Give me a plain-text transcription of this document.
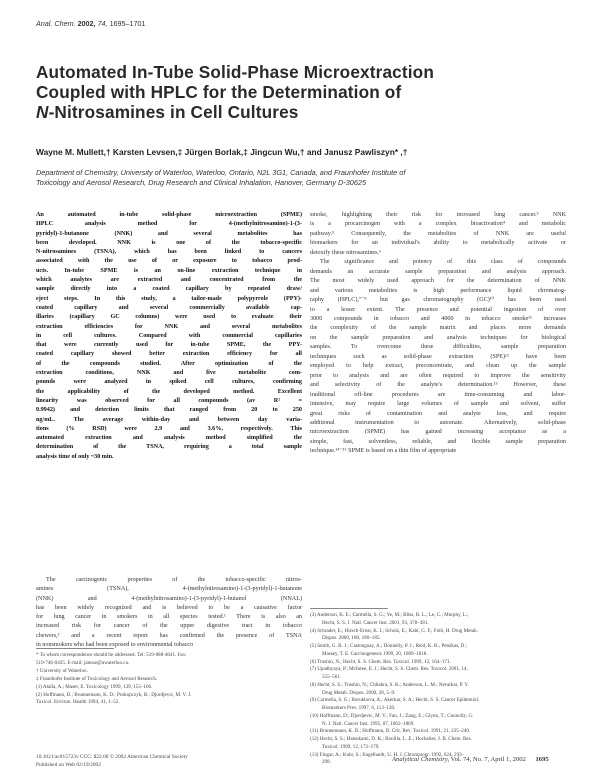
Anal. Chem. 2002, 74, 1695–1701
Automated In-Tube Solid-Phase Microextraction
Coupled with HPLC for the Determination of
N-Nitrosamines in Cell Cultures
Wayne M. Mullett,† Karsten Levsen,‡ Jürgen Borlak,‡ Jingcun Wu,† and Janusz Pawliszyn* ,†
Department of Chemistry, University of Waterloo, Waterloo, Ontario, N2L 3G1, Canada, and Fraunhofer Institute of
Toxicology and Aerosol Research, Drug Research and Clinical Inhalation, Hanover, Germany D-30625
An automated in-tube solid-phase microextraction (SPME)
HPLC analysis method for 4-(methylnitrosamino)-1-(3-
pyridyl)-1-butanone (NNK) and several metabolites has
been developed. NNK is one of the tobacco-specific
N-nitrosamines (TSNA), which has been linked to cancers
associated with the use of or exposure to tobacco prod-
ucts. In-tube SPME is an on-line extraction technique in
which analytes are extracted and concentrated from the
sample directly into a coated capillary by repeated draw/
eject steps. In this study, a tailor-made polypyrrole (PPY)-
coated capillary and several commercially available cap-
illaries (capillary GC columns) were used to evaluate their
extraction efficiencies for NNK and several metabolites
in cell cultures. Compared with commercial capillaries
that were currently used for in-tube SPME, the PPY-
coated capillary showed better extraction efficiency for all
of the compounds studied. After optimization of the
extraction conditions, NNK and five metabolite com-
pounds were analyzed in spiked cell cultures, confirming
the applicability of the developed method. Excellent
linearity was observed for all compounds (av R² =
0.9942) and detection limits that ranged from 20 to 250
ng/mL. The average within-day and between day varia-
tions (% RSD) were 2.9 and 3.6%, respectively. This
automated extraction and analysis method simplified the
determination of the TSNA, requiring a total sample
analysis time of only ~30 min.
The carcinogenic properties of the tobacco-specific nitros-
amines (TSNA), 4-(methylnitrosamino)-1-(3-pyridyl)-1-butanone
(NNK) and 4-(methylnitrosamino)-1-(3-pyridyl)-1-butanol (NNAL)
has been widely recognized and is believed to be a causative factor
for lung cancer in smokers in all species tested.¹ There is also an
increased risk for cancer of the upper digestive tract in tobacco
chewers,² and a recent report has confirmed the presence of TSNA
in nonsmokers who had been exposed to environmental tobacco
* To whom correspondence should be addressed. Tel: 519-888-4641. Fax:
519-746-0435. E-mail: janusz@uwaterloo.ca.
† University of Waterloo.
‡ Fraunhofer Institute of Toxicology and Aerosol Research.
(1) Atalla, A.; Maser, E. Toxicology 1999, 139, 155–166.
(2) Hoffmann, D.; Brunnemann, K. D.; Prokopczyk, B.; Djordjevic, M. V. J.
Toxicol. Environ. Health 1994, 41, 1–52.
smoke, highlighting their risk for increased lung cancer.³ NNK
is a procarcinogen with a complex bioactivation⁴ and metabolic
pathway.⁵ Consequently, the metabolites of NNK are useful
biomarkers for an individual's ability to metabolically activate or
detoxify these nitrosamines.⁶
The significance and potency of this class of compounds
demands an accurate sample preparation and analysis approach.
The most widely used approach for the determination of NNK
and various metabolites is high performance liquid chromatog-
raphy (HPLC),⁷⁻⁹ but gas chromatography (GC)¹⁰ has been used
to a lesser extent. The presence and potential ingestion of over
3000 compounds in tobacco and 4000 in tobacco smoke¹¹ increases
the complexity of the sample matrix and places more demands
on the sample preparation and analysis techniques for biological
samples. To overcome these difficulties, sample preparation
techniques such as solid-phase extraction (SPE)¹² have been
employed to help extract, preconcentrate, and clean up the sample
prior to analysis and are often required to improve the sensitivity
and selectivity of the analyte's determination.¹³ However, these
traditional off-line procedures are time-consuming and labor-
intensive, may require large volumes of sample and solvent, suffer
great risks of contamination and analyte loss, and require
additional instrumentation to automate. Alternatively, solid-phase
microextraction (SPME) has gained increasing acceptance as a
simple, fast, solventless, reliable, and flexible sample preparation
technique.¹⁴⁻¹⁶ SPME is based on a thin film of appropriate
(3) Anderson, K. E.; Carmella, S. G.; Ye, M.; Bliss, R. L.; Le, C.; Murphy, L.;
Hecht, S. S. J. Natl. Cancer Inst. 2001, 93, 378–381.
(4) Schrader, E.; Hirsch-Ernst, K. I.; Scholz, E.; Kahl, G. F.; Foth, H. Drug Metab.
Dispos. 2000, 180, 180–185.
(5) Smith, G. B. J.; Castonguay, A.; Donnelly, P. J.; Reid, K. R.; Petsikas, D.;
Massey, T. E. Carcinogenesis 1999, 20, 1809–1818.
(6) Trushin, N.; Hecht, S. S. Chem. Res. Toxicol. 1999, 12, 164–171.
(7) Upadhyaya, P.; McIntee, E. J.; Hecht, S. S. Chem. Res. Toxicol. 2001, 14,
555–561.
(8) Hecht, S. S.; Trushin, N.; Chhabra, S. K.; Anderson, L. M.; Nerurkar, P. V.
Drug Metab. Dispos. 2000, 28, 5–9.
(9) Carmella, S. G.; Borukhova, A.; Akerkar, S. A.; Hecht, S. S. Cancer Epidemiol.
Biomarkers Prev. 1997, 6, 113–120.
(10) Hoffmann, D.; Djordjevic, M. V.; Fan, J.; Zang, E.; Glynn, T.; Connolly, G.
N. J. Natl. Cancer Inst. 1995, 87, 1862–1869.
(11) Brunnemann, K. D.; Hoffmann, D. Crit. Rev. Toxicol. 1991, 21, 235–240.
(12) Hecht, S. S.; Hatsukami, D. K.; Bonilla, L. E.; Hochalter, J. B. Chem. Res.
Toxicol. 1999, 12, 172–179.
(13) Fingar, A.; Kuhr, S.; Engelhardt, U. H. J. Chromatogr. 1992, 624, 293–
298.
10.1021/ac015723v CCC: $22.00 © 2002 American Chemical Society
Published on Web 02/19/2002
Analytical Chemistry, Vol. 74, No. 7, April 1, 2002 1695
